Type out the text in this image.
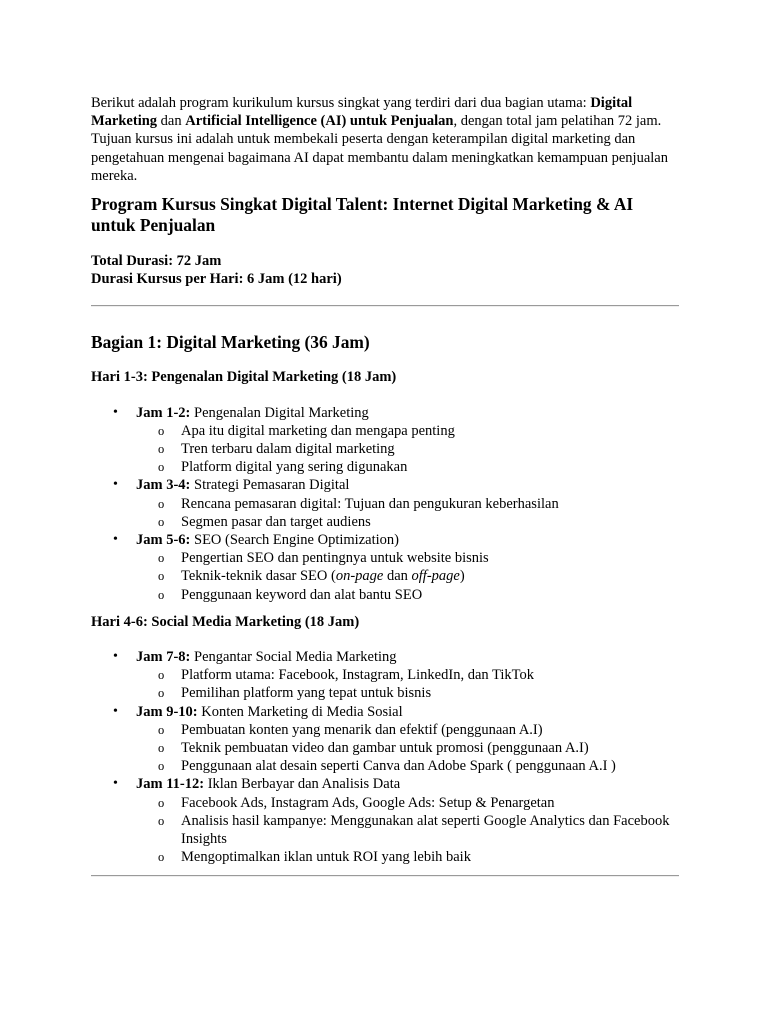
Berikut adalah program kurikulum kursus singkat yang terdiri dari dua bagian utama: Digital Marketing dan Artificial Intelligence (AI) untuk Penjualan, dengan total jam pelatihan 72 jam. Tujuan kursus ini adalah untuk membekali peserta dengan keterampilan digital marketing dan pengetahuan mengenai bagaimana AI dapat membantu dalam meningkatkan kemampuan penjualan mereka.

Program Kursus Singkat Digital Talent: Internet Digital Marketing & AI untuk Penjualan
Total Durasi: 72 Jam
Durasi Kursus per Hari: 6 Jam (12 hari)
Bagian 1: Digital Marketing (36 Jam)
Hari 1-3: Pengenalan Digital Marketing (18 Jam)
• Jam 1-2: Pengenalan Digital Marketing
o Apa itu digital marketing dan mengapa penting
o Tren terbaru dalam digital marketing
o Platform digital yang sering digunakan
• Jam 3-4: Strategi Pemasaran Digital
o Rencana pemasaran digital: Tujuan dan pengukuran keberhasilan
o Segmen pasar dan target audiens
• Jam 5-6: SEO (Search Engine Optimization)
o Pengertian SEO dan pentingnya untuk website bisnis
o Teknik-teknik dasar SEO (on-page dan off-page)
o Penggunaan keyword dan alat bantu SEO
Hari 4-6: Social Media Marketing (18 Jam)
• Jam 7-8: Pengantar Social Media Marketing
o Platform utama: Facebook, Instagram, LinkedIn, dan TikTok
o Pemilihan platform yang tepat untuk bisnis
• Jam 9-10: Konten Marketing di Media Sosial
o Pembuatan konten yang menarik dan efektif (penggunaan A.I)
o Teknik pembuatan video dan gambar untuk promosi (penggunaan A.I)
o Penggunaan alat desain seperti Canva dan Adobe Spark ( penggunaan A.I )
• Jam 11-12: Iklan Berbayar dan Analisis Data
o Facebook Ads, Instagram Ads, Google Ads: Setup & Penargetan
o Analisis hasil kampanye: Menggunakan alat seperti Google Analytics dan Facebook Insights
o Mengoptimalkan iklan untuk ROI yang lebih baik
